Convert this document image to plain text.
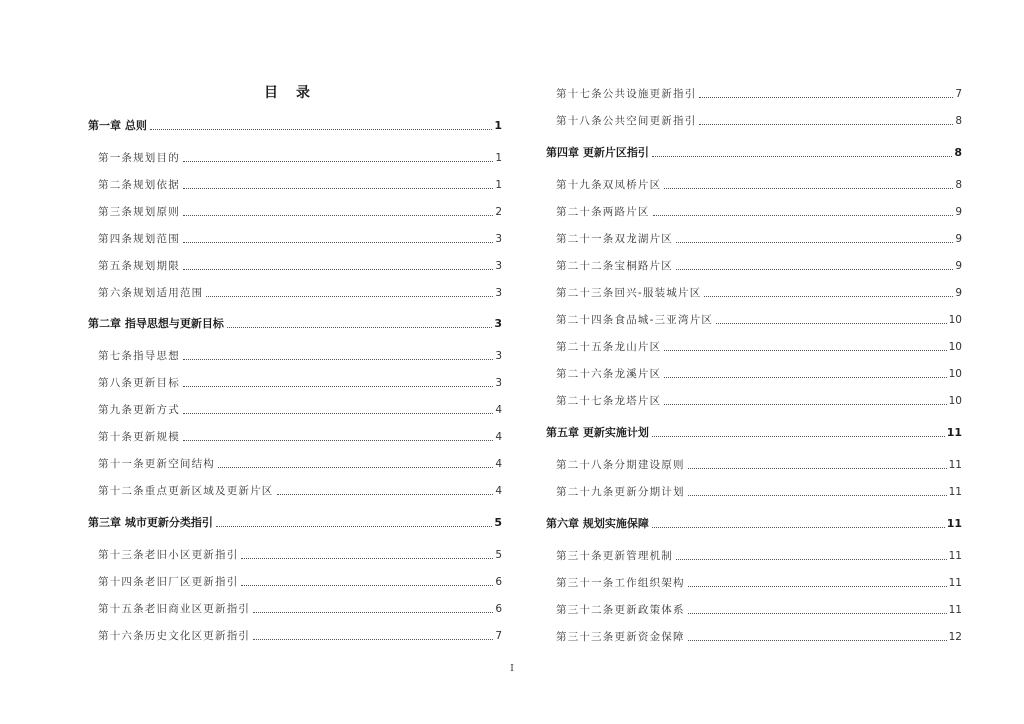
目录
第一章 总则	1
第一条规划目的	1
第二条规划依据	1
第三条规划原则	2
第四条规划范围	3
第五条规划期限	3
第六条规划适用范围	3
第二章 指导思想与更新目标	3
第七条指导思想	3
第八条更新目标	3
第九条更新方式	4
第十条更新规模	4
第十一条更新空间结构	4
第十二条重点更新区域及更新片区	4
第三章 城市更新分类指引	5
第十三条老旧小区更新指引	5
第十四条老旧厂区更新指引	6
第十五条老旧商业区更新指引	6
第十六条历史文化区更新指引	7
第十七条公共设施更新指引	7
第十八条公共空间更新指引	8
第四章 更新片区指引	8
第十九条双凤桥片区	8
第二十条两路片区	9
第二十一条双龙湖片区	9
第二十二条宝桐路片区	9
第二十三条回兴-服装城片区	9
第二十四条食品城-三亚湾片区	10
第二十五条龙山片区	10
第二十六条龙溪片区	10
第二十七条龙塔片区	10
第五章 更新实施计划	11
第二十八条分期建设原则	11
第二十九条更新分期计划	11
第六章 规划实施保障	11
第三十条更新管理机制	11
第三十一条工作组织架构	11
第三十二条更新政策体系	11
第三十三条更新资金保障	12
I
